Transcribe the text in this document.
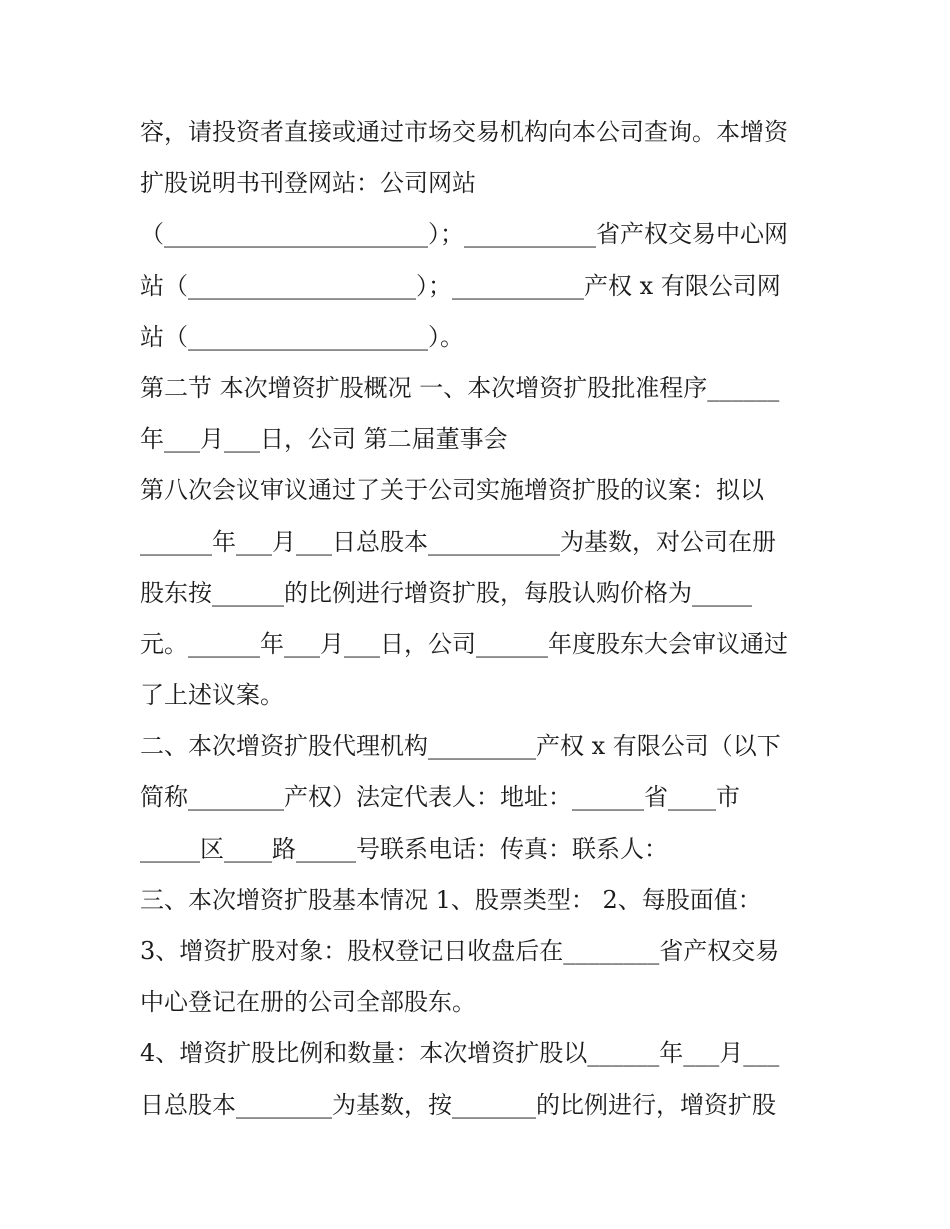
容，请投资者直接或通过市场交易机构向本公司查询。本增资
扩股说明书刊登网站：公司网站
（______________________）；___________省产权交易中心网
站（___________________）；___________产权 x 有限公司网
站（____________________）。
第二节 本次增资扩股概况 一、本次增资扩股批准程序______
年___月___日，公司 第二届董事会
第八次会议审议通过了关于公司实施增资扩股的议案：拟以
______年___月___日总股本___________为基数，对公司在册
股东按______的比例进行增资扩股，每股认购价格为_____
元。______年___月___日，公司______年度股东大会审议通过
了上述议案。
二、本次增资扩股代理机构_________产权 x 有限公司（以下
简称________产权）法定代表人：地址：______省____市
_____区____路_____号联系电话：传真：联系人：
三、本次增资扩股基本情况 1、股票类型： 2、每股面值：
3、增资扩股对象：股权登记日收盘后在________省产权交易
中心登记在册的公司全部股东。
4、增资扩股比例和数量：本次增资扩股以______年___月___
日总股本________为基数，按_______的比例进行，增资扩股
